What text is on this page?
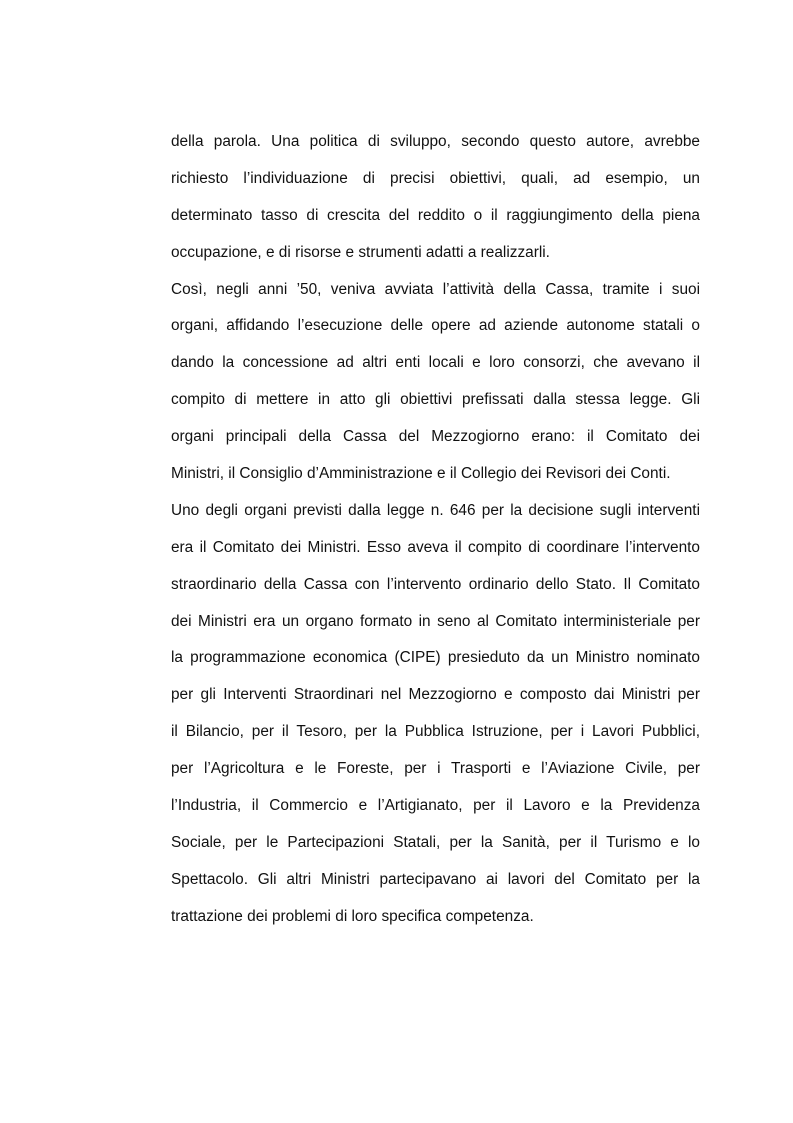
della parola. Una politica di sviluppo, secondo questo autore, avrebbe
richiesto l’individuazione di precisi obiettivi, quali, ad esempio, un
determinato tasso di crescita del reddito o il raggiungimento della piena
occupazione, e di risorse e strumenti adatti a realizzarli.
Così, negli anni ’50, veniva avviata l’attività della Cassa, tramite i suoi
organi, affidando l’esecuzione delle opere ad aziende autonome statali o
dando la concessione ad altri enti locali e loro consorzi, che avevano il
compito di mettere in atto gli obiettivi prefissati dalla stessa legge. Gli
organi principali della Cassa del Mezzogiorno erano: il Comitato dei
Ministri, il Consiglio d’Amministrazione e il Collegio dei Revisori dei Conti.
Uno degli organi previsti dalla legge n. 646 per la decisione sugli interventi
era il Comitato dei Ministri. Esso aveva il compito di coordinare l’intervento
straordinario della Cassa con l’intervento ordinario dello Stato. Il Comitato
dei Ministri era un organo formato in seno al Comitato interministeriale per
la programmazione economica (CIPE) presieduto da un Ministro nominato
per gli Interventi Straordinari nel Mezzogiorno e composto dai Ministri per
il Bilancio, per il Tesoro, per la Pubblica Istruzione, per i Lavori Pubblici,
per l’Agricoltura e le Foreste, per i Trasporti e l’Aviazione Civile, per
l’Industria, il Commercio e l’Artigianato, per il Lavoro e la Previdenza
Sociale, per le Partecipazioni Statali, per la Sanità, per il Turismo e lo
Spettacolo. Gli altri Ministri partecipavano ai lavori del Comitato per la
trattazione dei problemi di loro specifica competenza.
